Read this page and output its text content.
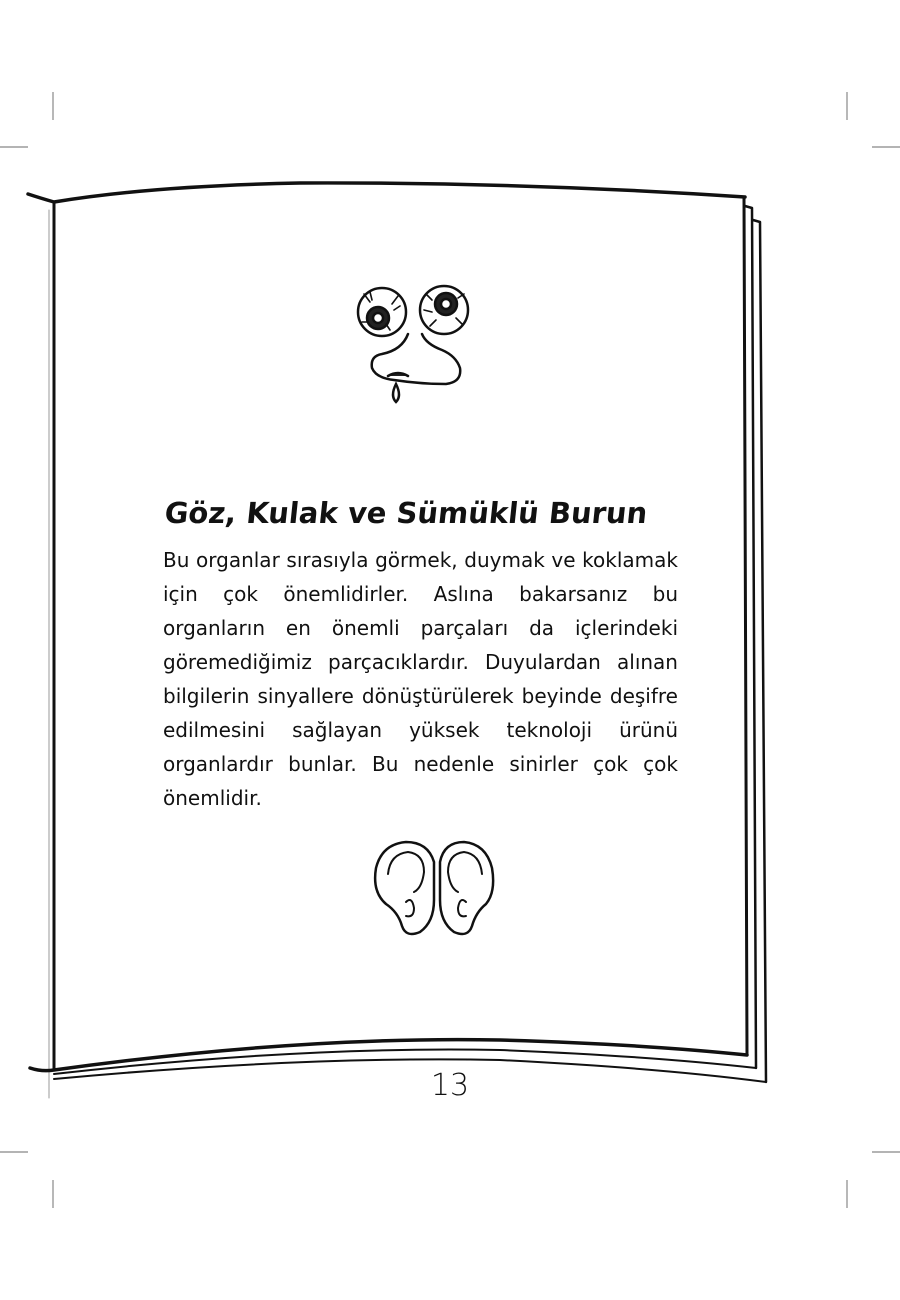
Göz, Kulak ve Sümüklü Burun

Bu organlar sırasıyla görmek, duymak ve koklamak için çok önemlidirler. Aslına bakarsanız bu organların en önemli parçaları da içlerindeki göremediğimiz parçacıklardır. Duyulardan alınan bilgilerin sinyallere dönüştürülerek beyinde deşifre edilmesini sağlayan yüksek teknoloji ürünü organlardır bunlar. Bu nedenle sinirler çok çok önemlidir.

13
